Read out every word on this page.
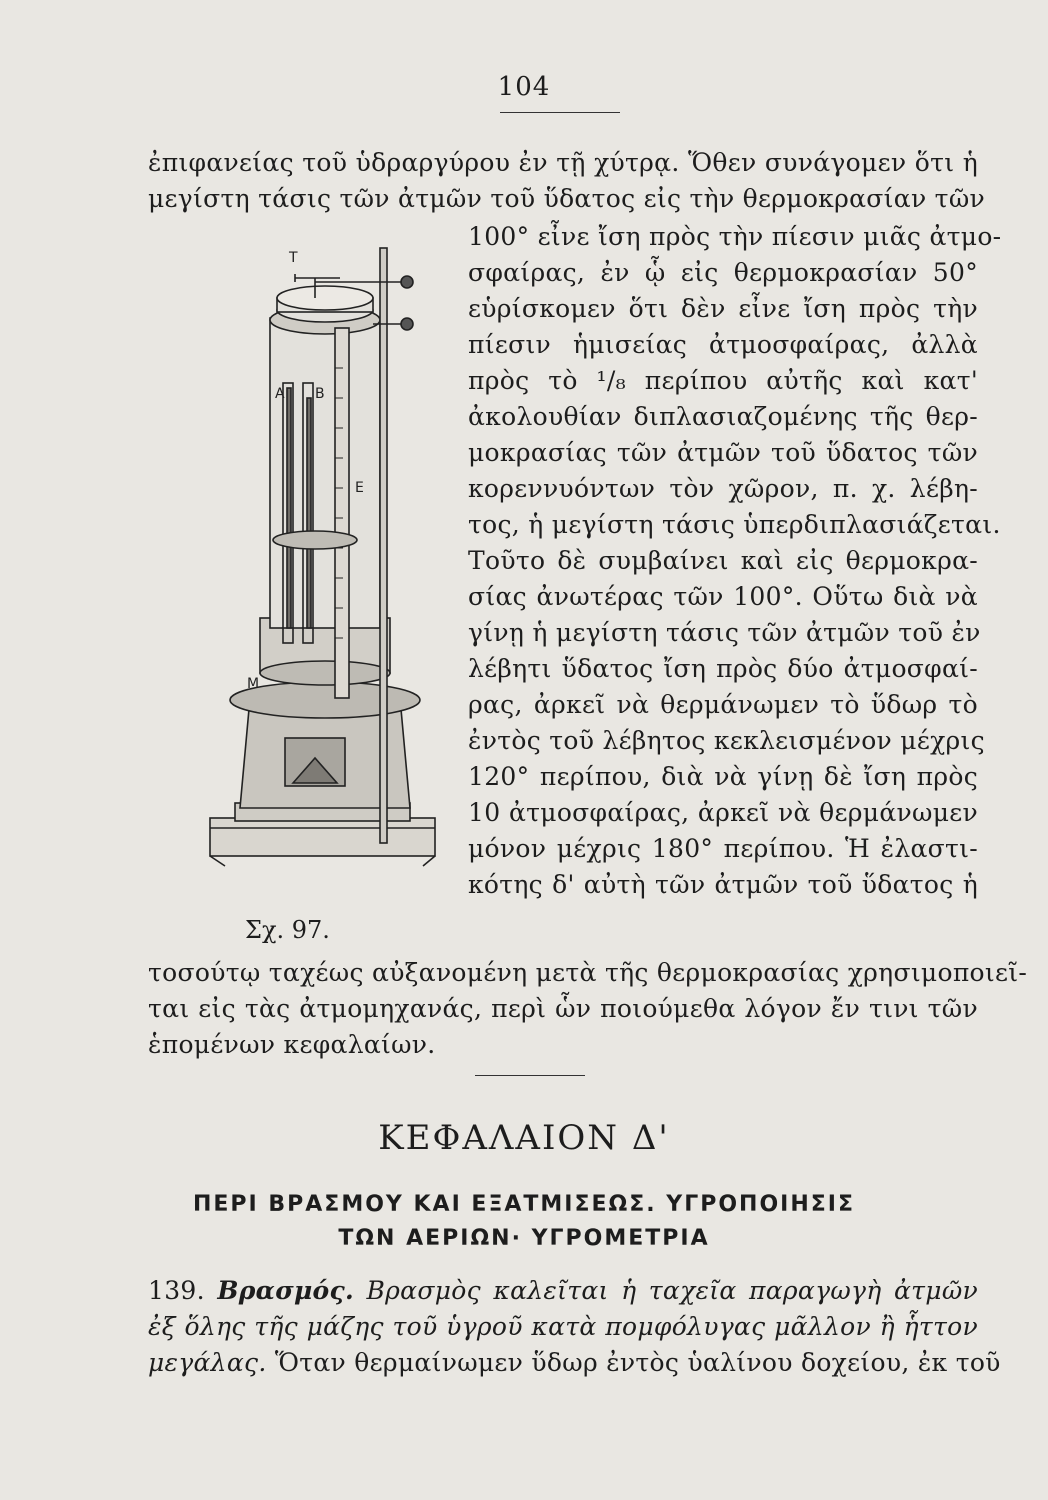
104
ἐπιφανείας τοῦ ὑδραργύρου ἐν τῇ χύτρᾳ. Ὅθεν συνάγομεν ὅτι ἡ
μεγίστη τάσις τῶν ἀτμῶν τοῦ ὕδατος εἰς τὴν θερμοκρασίαν τῶν
100° εἶνε ἴση πρὸς τὴν πίεσιν μιᾶς ἀτμο-
σφαίρας, ἐν ᾧ εἰς θερμοκρασίαν 50°
εὑρίσκομεν ὅτι δὲν εἶνε ἴση πρὸς τὴν
πίεσιν ἡμισείας ἀτμοσφαίρας, ἀλλὰ
πρὸς τὸ ¹/₈ περίπου αὐτῆς καὶ κατ'
ἀκολουθίαν διπλασιαζομένης τῆς θερ-
μοκρασίας τῶν ἀτμῶν τοῦ ὕδατος τῶν
κορεννυόντων τὸν χῶρον, π. χ. λέβη-
τος, ἡ μεγίστη τάσις ὑπερδιπλασιάζεται.
Τοῦτο δὲ συμβαίνει καὶ εἰς θερμοκρα-
σίας ἀνωτέρας τῶν 100°. Οὕτω διὰ νὰ
γίνῃ ἡ μεγίστη τάσις τῶν ἀτμῶν τοῦ ἐν
λέβητι ὕδατος ἴση πρὸς δύο ἀτμοσφαί-
ρας, ἀρκεῖ νὰ θερμάνωμεν τὸ ὕδωρ τὸ
ἐντὸς τοῦ λέβητος κεκλεισμένον μέχρις
120° περίπου, διὰ νὰ γίνῃ δὲ ἴση πρὸς
10 ἀτμοσφαίρας, ἀρκεῖ νὰ θερμάνωμεν
μόνον μέχρις 180° περίπου. Ἡ ἐλαστι-
κότης δ' αὐτὴ τῶν ἀτμῶν τοῦ ὕδατος ἡ
T
A B
E
M
Σχ. 97.
τοσούτῳ ταχέως αὐξανομένη μετὰ τῆς θερμοκρασίας χρησιμοποιεῖ-
ται εἰς τὰς ἀτμομηχανάς, περὶ ὧν ποιούμεθα λόγον ἔν τινι τῶν
ἑπομένων κεφαλαίων.
ΚΕΦΑΛΑΙΟΝ Δ'
ΠΕΡΙ ΒΡΑΣΜΟΥ ΚΑΙ ΕΞΑΤΜΙΣΕΩΣ. ΥΓΡΟΠΟΙΗΣΙΣ
ΤΩΝ ΑΕΡΙΩΝ· ΥΓΡΟΜΕΤΡΙΑ
139. Βρασμός. Βρασμὸς καλεῖται ἡ ταχεῖα παραγωγὴ ἀτμῶν
ἐξ ὅλης τῆς μάζης τοῦ ὑγροῦ κατὰ πομφόλυγας μᾶλλον ἢ ἧττον
μεγάλας. Ὅταν θερμαίνωμεν ὕδωρ ἐντὸς ὑαλίνου δοχείου, ἐκ τοῦ
